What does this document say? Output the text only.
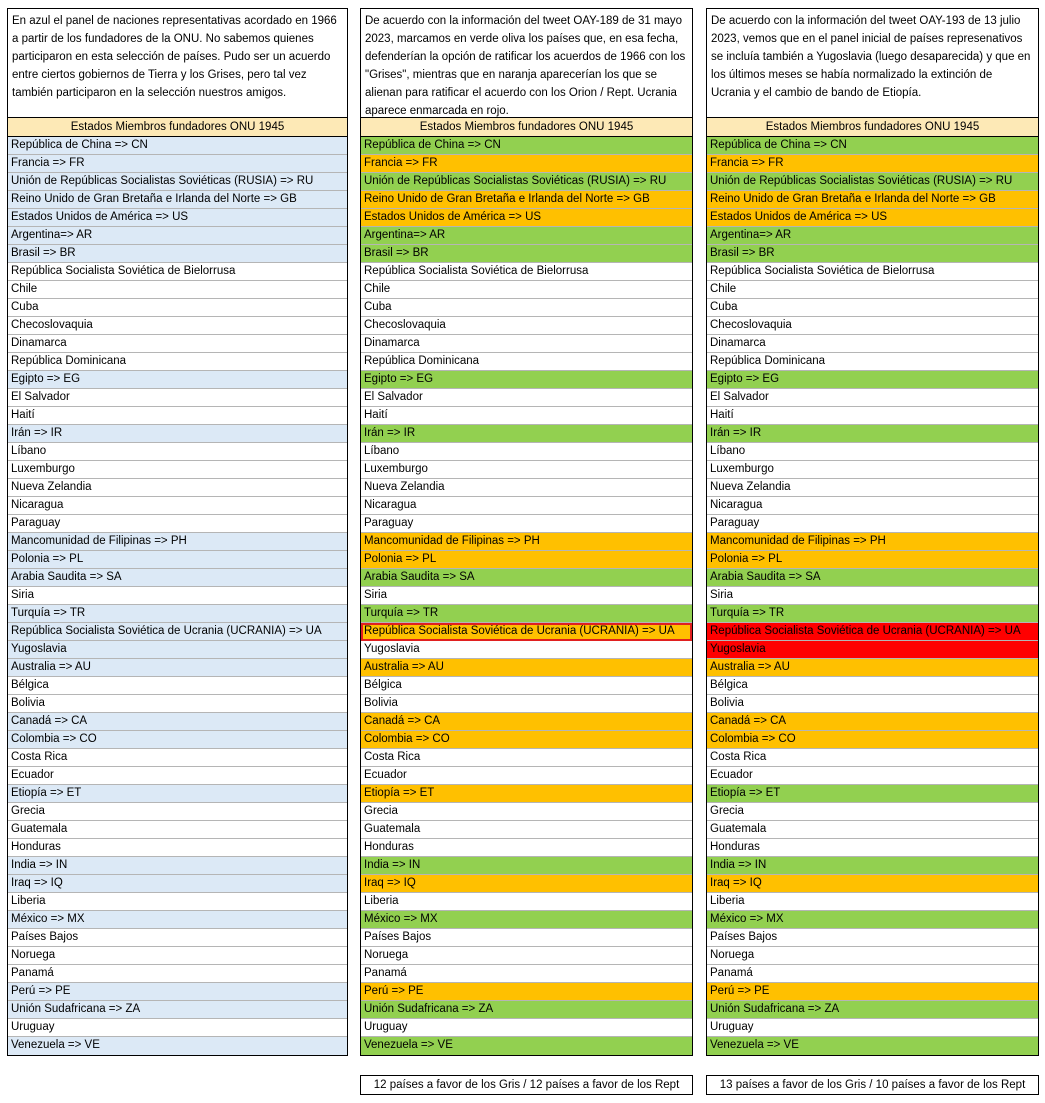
En azul el panel de naciones representativas acordado en 1966 a partir de los fundadores de la ONU. No sabemos quienes participaron en esta selección de países. Pudo ser un acuerdo entre ciertos gobiernos de Tierra y los Grises, pero tal vez también participaron en la selección nuestros amigos.
Estados Miembros fundadores ONU 1945
República de China => CN
Francia => FR
Unión de Repúblicas Socialistas Soviéticas (RUSIA) => RU
Reino Unido de Gran Bretaña e Irlanda del Norte => GB
Estados Unidos de América => US
Argentina=> AR
Brasil => BR
República Socialista Soviética de Bielorrusa
Chile
Cuba
Checoslovaquia
Dinamarca
República Dominicana
Egipto => EG
El Salvador
Haití
Irán => IR
Líbano
Luxemburgo
Nueva Zelandia
Nicaragua
Paraguay
Mancomunidad de Filipinas => PH
Polonia => PL
Arabia Saudita => SA
Siria
Turquía => TR
República Socialista Soviética de Ucrania (UCRANIA) => UA
Yugoslavia
Australia => AU
Bélgica
Bolivia
Canadá => CA
Colombia => CO
Costa Rica
Ecuador
Etiopía => ET
Grecia
Guatemala
Honduras
India => IN
Iraq => IQ
Liberia
México => MX
Países Bajos
Noruega
Panamá
Perú => PE
Unión Sudafricana => ZA
Uruguay
Venezuela => VE
De acuerdo con la información del tweet OAY-189 de 31 mayo 2023, marcamos en verde oliva los países que, en esa fecha, defenderían la opción de ratificar los acuerdos de 1966 con los "Grises", mientras que en naranja aparecerían los que se alienan para ratificar el acuerdo con los Orion / Rept. Ucrania aparece enmarcada en rojo.
Estados Miembros fundadores ONU 1945
República de China => CN
Francia => FR
Unión de Repúblicas Socialistas Soviéticas (RUSIA) => RU
Reino Unido de Gran Bretaña e Irlanda del Norte => GB
Estados Unidos de América => US
Argentina=> AR
Brasil => BR
República Socialista Soviética de Bielorrusa
Chile
Cuba
Checoslovaquia
Dinamarca
República Dominicana
Egipto => EG
El Salvador
Haití
Irán => IR
Líbano
Luxemburgo
Nueva Zelandia
Nicaragua
Paraguay
Mancomunidad de Filipinas => PH
Polonia => PL
Arabia Saudita => SA
Siria
Turquía => TR
República Socialista Soviética de Ucrania (UCRANIA) => UA
Yugoslavia
Australia => AU
Bélgica
Bolivia
Canadá => CA
Colombia => CO
Costa Rica
Ecuador
Etiopía => ET
Grecia
Guatemala
Honduras
India => IN
Iraq => IQ
Liberia
México => MX
Países Bajos
Noruega
Panamá
Perú => PE
Unión Sudafricana => ZA
Uruguay
Venezuela => VE
De acuerdo con la información del tweet OAY-193 de 13 julio 2023, vemos que en el panel inicial de países represenativos se incluía también a Yugoslavia (luego desaparecida) y que en los últimos meses se había normalizado la extinción de Ucrania y el cambio de bando de Etiopía.
Estados Miembros fundadores ONU 1945
República de China => CN
Francia => FR
Unión de Repúblicas Socialistas Soviéticas (RUSIA) => RU
Reino Unido de Gran Bretaña e Irlanda del Norte => GB
Estados Unidos de América => US
Argentina=> AR
Brasil => BR
República Socialista Soviética de Bielorrusa
Chile
Cuba
Checoslovaquia
Dinamarca
República Dominicana
Egipto => EG
El Salvador
Haití
Irán => IR
Líbano
Luxemburgo
Nueva Zelandia
Nicaragua
Paraguay
Mancomunidad de Filipinas => PH
Polonia => PL
Arabia Saudita => SA
Siria
Turquía => TR
República Socialista Soviética de Ucrania (UCRANIA) => UA
Yugoslavia
Australia => AU
Bélgica
Bolivia
Canadá => CA
Colombia => CO
Costa Rica
Ecuador
Etiopía => ET
Grecia
Guatemala
Honduras
India => IN
Iraq => IQ
Liberia
México => MX
Países Bajos
Noruega
Panamá
Perú => PE
Unión Sudafricana => ZA
Uruguay
Venezuela => VE
12 países a favor de los Gris / 12 países a favor de los Rept	13 países a favor de los Gris / 10 países a favor de los Rept
